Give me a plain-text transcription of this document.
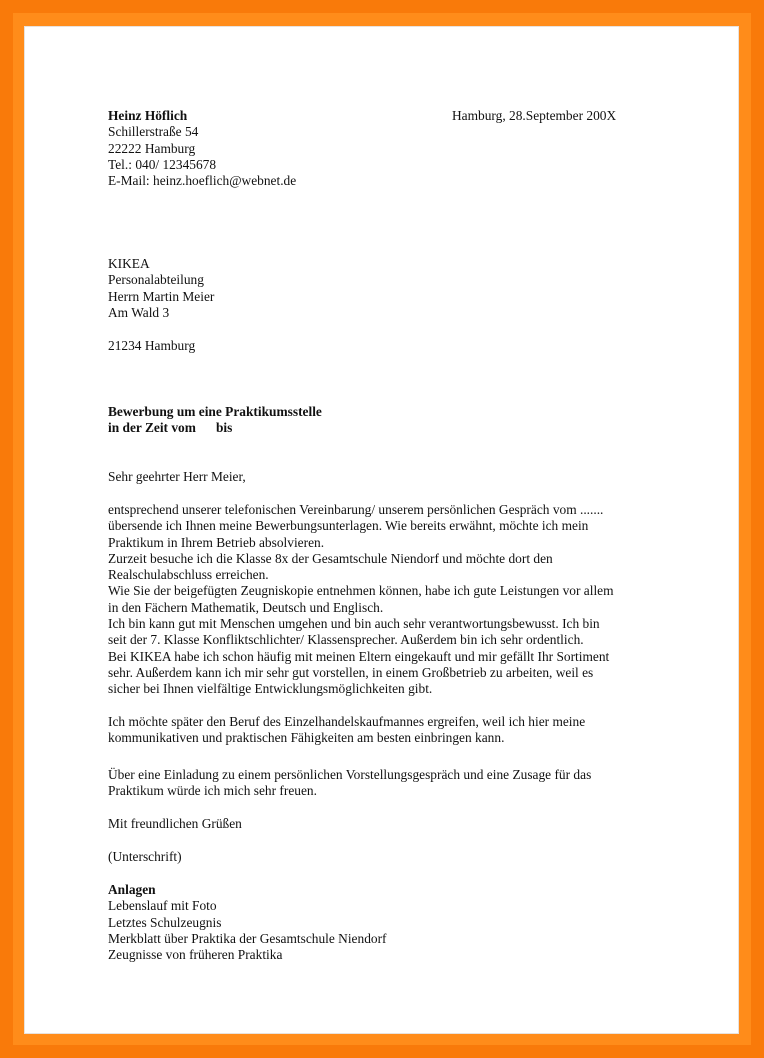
Heinz Höflich
Schillerstraße 54
22222 Hamburg
Tel.: 040/ 12345678
E-Mail: heinz.hoeflich@webnet.de
Hamburg, 28.September 200X
KIKEA
Personalabteilung
Herrn Martin Meier
Am Wald 3
21234 Hamburg
Bewerbung um eine Praktikumsstelle
in der Zeit vom      bis
Sehr geehrter Herr Meier,
entsprechend unserer telefonischen Vereinbarung/ unserem persönlichen Gespräch vom .......
übersende ich Ihnen meine Bewerbungsunterlagen. Wie bereits erwähnt, möchte ich mein
Praktikum in Ihrem Betrieb absolvieren.
Zurzeit besuche ich die Klasse 8x der Gesamtschule Niendorf und möchte dort den
Realschulabschluss erreichen.
Wie Sie der beigefügten Zeugniskopie entnehmen können, habe ich gute Leistungen vor allem
in den Fächern Mathematik, Deutsch und Englisch.
Ich bin kann gut mit Menschen umgehen und bin auch sehr verantwortungsbewusst. Ich bin
seit der 7. Klasse Konfliktschlichter/ Klassensprecher. Außerdem bin ich sehr ordentlich.
Bei KIKEA habe ich schon häufig mit meinen Eltern eingekauft und mir gefällt Ihr Sortiment
sehr. Außerdem kann ich mir sehr gut vorstellen, in einem Großbetrieb zu arbeiten, weil es
sicher bei Ihnen vielfältige Entwicklungsmöglichkeiten gibt.
Ich möchte später den Beruf des Einzelhandelskaufmannes ergreifen, weil ich hier meine
kommunikativen und praktischen Fähigkeiten am besten einbringen kann.
Über eine Einladung zu einem persönlichen Vorstellungsgespräch und eine Zusage für das
Praktikum würde ich mich sehr freuen.
Mit freundlichen Grüßen
(Unterschrift)
Anlagen
Lebenslauf mit Foto
Letztes Schulzeugnis
Merkblatt über Praktika der Gesamtschule Niendorf
Zeugnisse von früheren Praktika
